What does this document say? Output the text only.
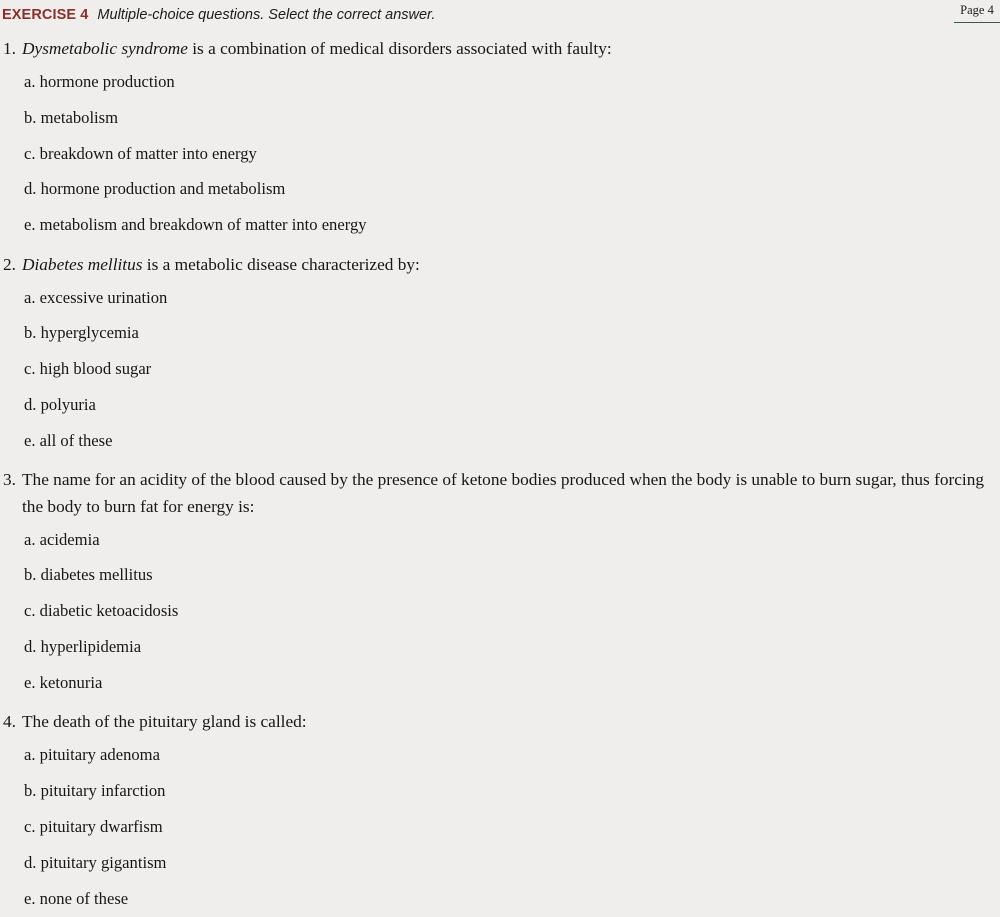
EXERCISE 4 Multiple-choice questions. Select the correct answer.	Page 4
1. Dysmetabolic syndrome is a combination of medical disorders associated with faulty:
a. hormone production
b. metabolism
c. breakdown of matter into energy
d. hormone production and metabolism
e. metabolism and breakdown of matter into energy
2. Diabetes mellitus is a metabolic disease characterized by:
a. excessive urination
b. hyperglycemia
c. high blood sugar
d. polyuria
e. all of these
3. The name for an acidity of the blood caused by the presence of ketone bodies produced when the body is unable to burn sugar, thus forcing the body to burn fat for energy is:
a. acidemia
b. diabetes mellitus
c. diabetic ketoacidosis
d. hyperlipidemia
e. ketonuria
4. The death of the pituitary gland is called:
a. pituitary adenoma
b. pituitary infarction
c. pituitary dwarfism
d. pituitary gigantism
e. none of these
